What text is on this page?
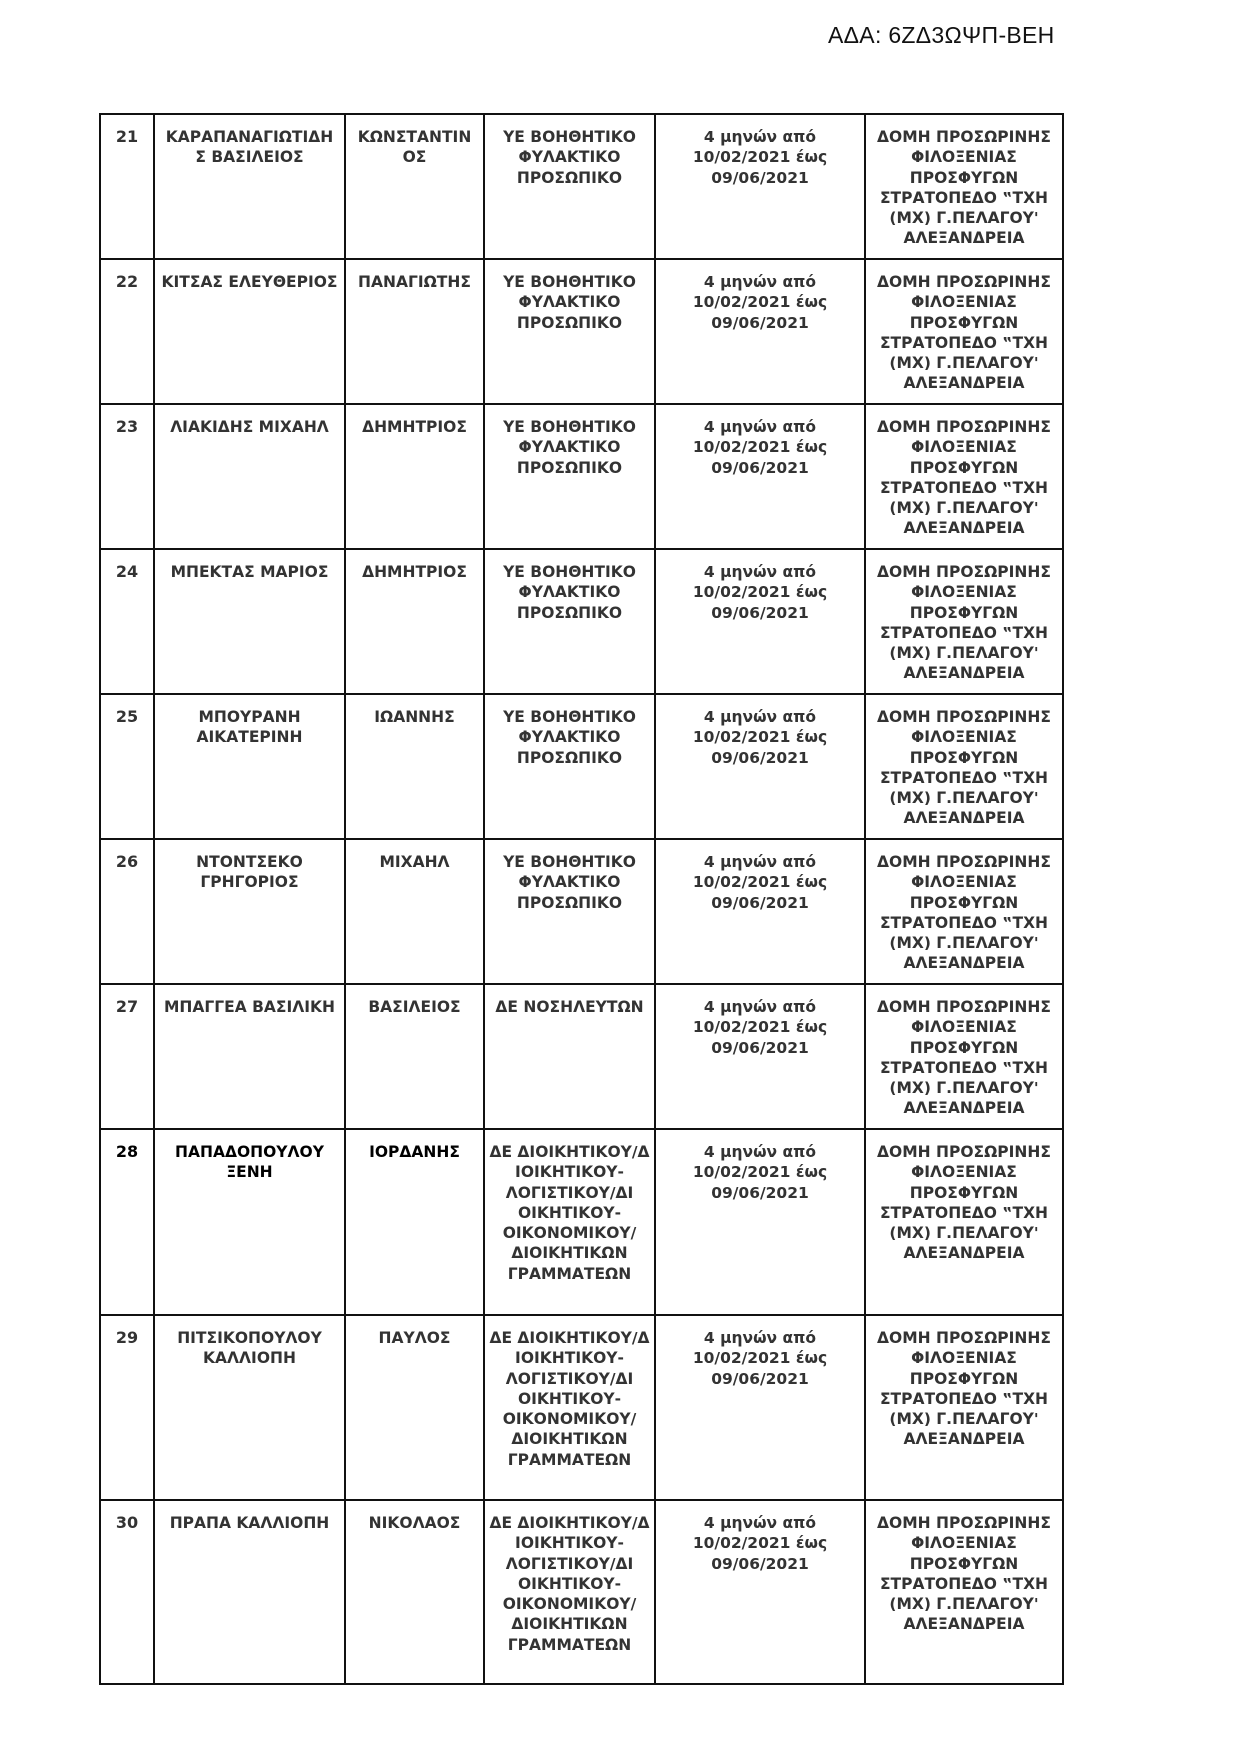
ΑΔΑ: 6ΖΔ3ΩΨΠ-ΒΕΗ
21	ΚΑΡΑΠΑΝΑΓΙΩΤΙΔΗ Σ ΒΑΣΙΛΕΙΟΣ	ΚΩΝΣΤΑΝΤΙΝ ΟΣ	ΥΕ ΒΟΗΘΗΤΙΚΟ ΦΥΛΑΚΤΙΚΟ ΠΡΟΣΩΠΙΚΟ	4 μηνών από 10/02/2021 έως 09/06/2021	ΔΟΜΗ ΠΡΟΣΩΡΙΝΗΣ ΦΙΛΟΞΕΝΙΑΣ ΠΡΟΣΦΥΓΩΝ ΣΤΡΑΤΟΠΕΔΟ ‟ΤΧΗ (ΜΧ) Γ.ΠΕΛΑΓΟΥ' ΑΛΕΞΑΝΔΡΕΙΑ
22	ΚΙΤΣΑΣ ΕΛΕΥΘΕΡΙΟΣ	ΠΑΝΑΓΙΩΤΗΣ	ΥΕ ΒΟΗΘΗΤΙΚΟ ΦΥΛΑΚΤΙΚΟ ΠΡΟΣΩΠΙΚΟ	4 μηνών από 10/02/2021 έως 09/06/2021	ΔΟΜΗ ΠΡΟΣΩΡΙΝΗΣ ΦΙΛΟΞΕΝΙΑΣ ΠΡΟΣΦΥΓΩΝ ΣΤΡΑΤΟΠΕΔΟ ‟ΤΧΗ (ΜΧ) Γ.ΠΕΛΑΓΟΥ' ΑΛΕΞΑΝΔΡΕΙΑ
23	ΛΙΑΚΙΔΗΣ ΜΙΧΑΗΛ	ΔΗΜΗΤΡΙΟΣ	ΥΕ ΒΟΗΘΗΤΙΚΟ ΦΥΛΑΚΤΙΚΟ ΠΡΟΣΩΠΙΚΟ	4 μηνών από 10/02/2021 έως 09/06/2021	ΔΟΜΗ ΠΡΟΣΩΡΙΝΗΣ ΦΙΛΟΞΕΝΙΑΣ ΠΡΟΣΦΥΓΩΝ ΣΤΡΑΤΟΠΕΔΟ ‟ΤΧΗ (ΜΧ) Γ.ΠΕΛΑΓΟΥ' ΑΛΕΞΑΝΔΡΕΙΑ
24	ΜΠΕΚΤΑΣ ΜΑΡΙΟΣ	ΔΗΜΗΤΡΙΟΣ	ΥΕ ΒΟΗΘΗΤΙΚΟ ΦΥΛΑΚΤΙΚΟ ΠΡΟΣΩΠΙΚΟ	4 μηνών από 10/02/2021 έως 09/06/2021	ΔΟΜΗ ΠΡΟΣΩΡΙΝΗΣ ΦΙΛΟΞΕΝΙΑΣ ΠΡΟΣΦΥΓΩΝ ΣΤΡΑΤΟΠΕΔΟ ‟ΤΧΗ (ΜΧ) Γ.ΠΕΛΑΓΟΥ' ΑΛΕΞΑΝΔΡΕΙΑ
25	ΜΠΟΥΡΑΝΗ ΑΙΚΑΤΕΡΙΝΗ	ΙΩΑΝΝΗΣ	ΥΕ ΒΟΗΘΗΤΙΚΟ ΦΥΛΑΚΤΙΚΟ ΠΡΟΣΩΠΙΚΟ	4 μηνών από 10/02/2021 έως 09/06/2021	ΔΟΜΗ ΠΡΟΣΩΡΙΝΗΣ ΦΙΛΟΞΕΝΙΑΣ ΠΡΟΣΦΥΓΩΝ ΣΤΡΑΤΟΠΕΔΟ ‟ΤΧΗ (ΜΧ) Γ.ΠΕΛΑΓΟΥ' ΑΛΕΞΑΝΔΡΕΙΑ
26	ΝΤΟΝΤΣΕΚΟ ΓΡΗΓΟΡΙΟΣ	ΜΙΧΑΗΛ	ΥΕ ΒΟΗΘΗΤΙΚΟ ΦΥΛΑΚΤΙΚΟ ΠΡΟΣΩΠΙΚΟ	4 μηνών από 10/02/2021 έως 09/06/2021	ΔΟΜΗ ΠΡΟΣΩΡΙΝΗΣ ΦΙΛΟΞΕΝΙΑΣ ΠΡΟΣΦΥΓΩΝ ΣΤΡΑΤΟΠΕΔΟ ‟ΤΧΗ (ΜΧ) Γ.ΠΕΛΑΓΟΥ' ΑΛΕΞΑΝΔΡΕΙΑ
27	ΜΠΑΓΓΕΑ ΒΑΣΙΛΙΚΗ	ΒΑΣΙΛΕΙΟΣ	ΔΕ ΝΟΣΗΛΕΥΤΩΝ	4 μηνών από 10/02/2021 έως 09/06/2021	ΔΟΜΗ ΠΡΟΣΩΡΙΝΗΣ ΦΙΛΟΞΕΝΙΑΣ ΠΡΟΣΦΥΓΩΝ ΣΤΡΑΤΟΠΕΔΟ ‟ΤΧΗ (ΜΧ) Γ.ΠΕΛΑΓΟΥ' ΑΛΕΞΑΝΔΡΕΙΑ
28	ΠΑΠΑΔΟΠΟΥΛΟΥ ΞΕΝΗ	ΙΟΡΔΑΝΗΣ	ΔΕ ΔΙΟΙΚΗΤΙΚΟΥ/Δ ΙΟΙΚΗΤΙΚΟΥ- ΛΟΓΙΣΤΙΚΟΥ/ΔΙ ΟΙΚΗΤΙΚΟΥ- ΟΙΚΟΝΟΜΙΚΟΥ/ ΔΙΟΙΚΗΤΙΚΩΝ ΓΡΑΜΜΑΤΕΩΝ	4 μηνών από 10/02/2021 έως 09/06/2021	ΔΟΜΗ ΠΡΟΣΩΡΙΝΗΣ ΦΙΛΟΞΕΝΙΑΣ ΠΡΟΣΦΥΓΩΝ ΣΤΡΑΤΟΠΕΔΟ ‟ΤΧΗ (ΜΧ) Γ.ΠΕΛΑΓΟΥ' ΑΛΕΞΑΝΔΡΕΙΑ
29	ΠΙΤΣΙΚΟΠΟΥΛΟΥ ΚΑΛΛΙΟΠΗ	ΠΑΥΛΟΣ	ΔΕ ΔΙΟΙΚΗΤΙΚΟΥ/Δ ΙΟΙΚΗΤΙΚΟΥ- ΛΟΓΙΣΤΙΚΟΥ/ΔΙ ΟΙΚΗΤΙΚΟΥ- ΟΙΚΟΝΟΜΙΚΟΥ/ ΔΙΟΙΚΗΤΙΚΩΝ ΓΡΑΜΜΑΤΕΩΝ	4 μηνών από 10/02/2021 έως 09/06/2021	ΔΟΜΗ ΠΡΟΣΩΡΙΝΗΣ ΦΙΛΟΞΕΝΙΑΣ ΠΡΟΣΦΥΓΩΝ ΣΤΡΑΤΟΠΕΔΟ ‟ΤΧΗ (ΜΧ) Γ.ΠΕΛΑΓΟΥ' ΑΛΕΞΑΝΔΡΕΙΑ
30	ΠΡΑΠΑ ΚΑΛΛΙΟΠΗ	ΝΙΚΟΛΑΟΣ	ΔΕ ΔΙΟΙΚΗΤΙΚΟΥ/Δ ΙΟΙΚΗΤΙΚΟΥ- ΛΟΓΙΣΤΙΚΟΥ/ΔΙ ΟΙΚΗΤΙΚΟΥ- ΟΙΚΟΝΟΜΙΚΟΥ/ ΔΙΟΙΚΗΤΙΚΩΝ ΓΡΑΜΜΑΤΕΩΝ	4 μηνών από 10/02/2021 έως 09/06/2021	ΔΟΜΗ ΠΡΟΣΩΡΙΝΗΣ ΦΙΛΟΞΕΝΙΑΣ ΠΡΟΣΦΥΓΩΝ ΣΤΡΑΤΟΠΕΔΟ ‟ΤΧΗ (ΜΧ) Γ.ΠΕΛΑΓΟΥ' ΑΛΕΞΑΝΔΡΕΙΑ
